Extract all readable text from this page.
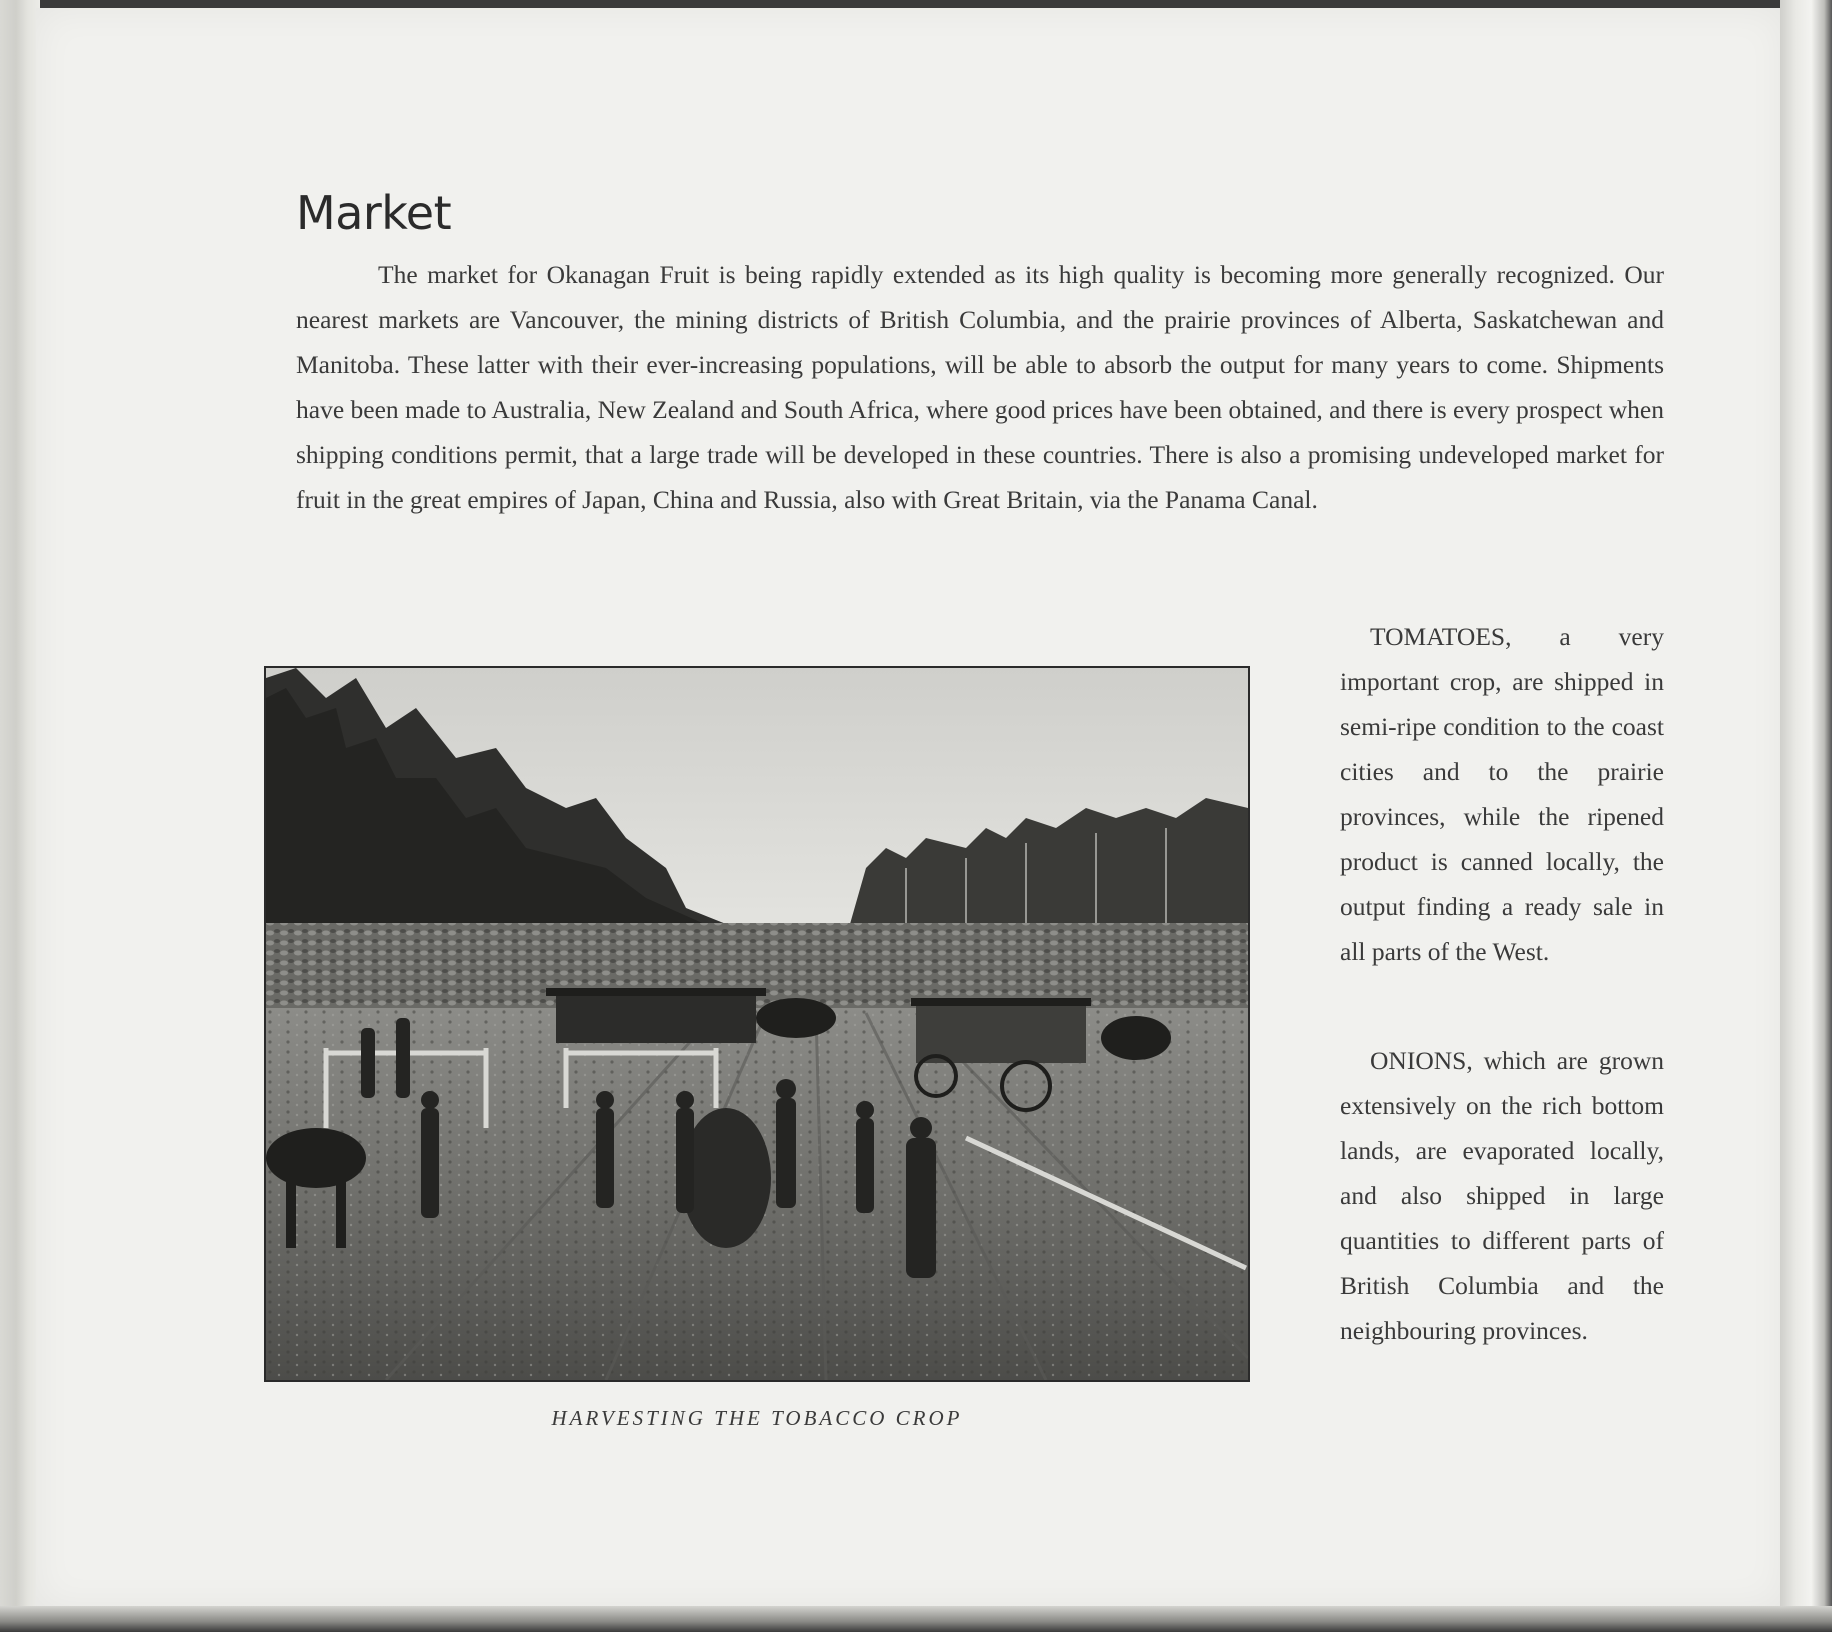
Market

The market for Okanagan Fruit is being rapidly extended as its high quality is becoming more generally recognized. Our nearest markets are Vancouver, the mining districts of British Columbia, and the prairie provinces of Alberta, Saskatchewan and Manitoba. These latter with their ever-increasing populations, will be able to absorb the output for many years to come. Shipments have been made to Australia, New Zealand and South Africa, where good prices have been obtained, and there is every prospect when shipping conditions permit, that a large trade will be developed in these countries. There is also a promising undeveloped market for fruit in the great empires of Japan, China and Russia, also with Great Britain, via the Panama Canal.

HARVESTING THE TOBACCO CROP

TOMATOES, a very important crop, are shipped in semi-ripe condition to the coast cities and to the prairie provinces, while the ripened product is canned locally, the output finding a ready sale in all parts of the West.

ONIONS, which are grown extensively on the rich bottom lands, are evaporated locally, and also shipped in large quantities to different parts of British Columbia and the neighbouring provinces.
